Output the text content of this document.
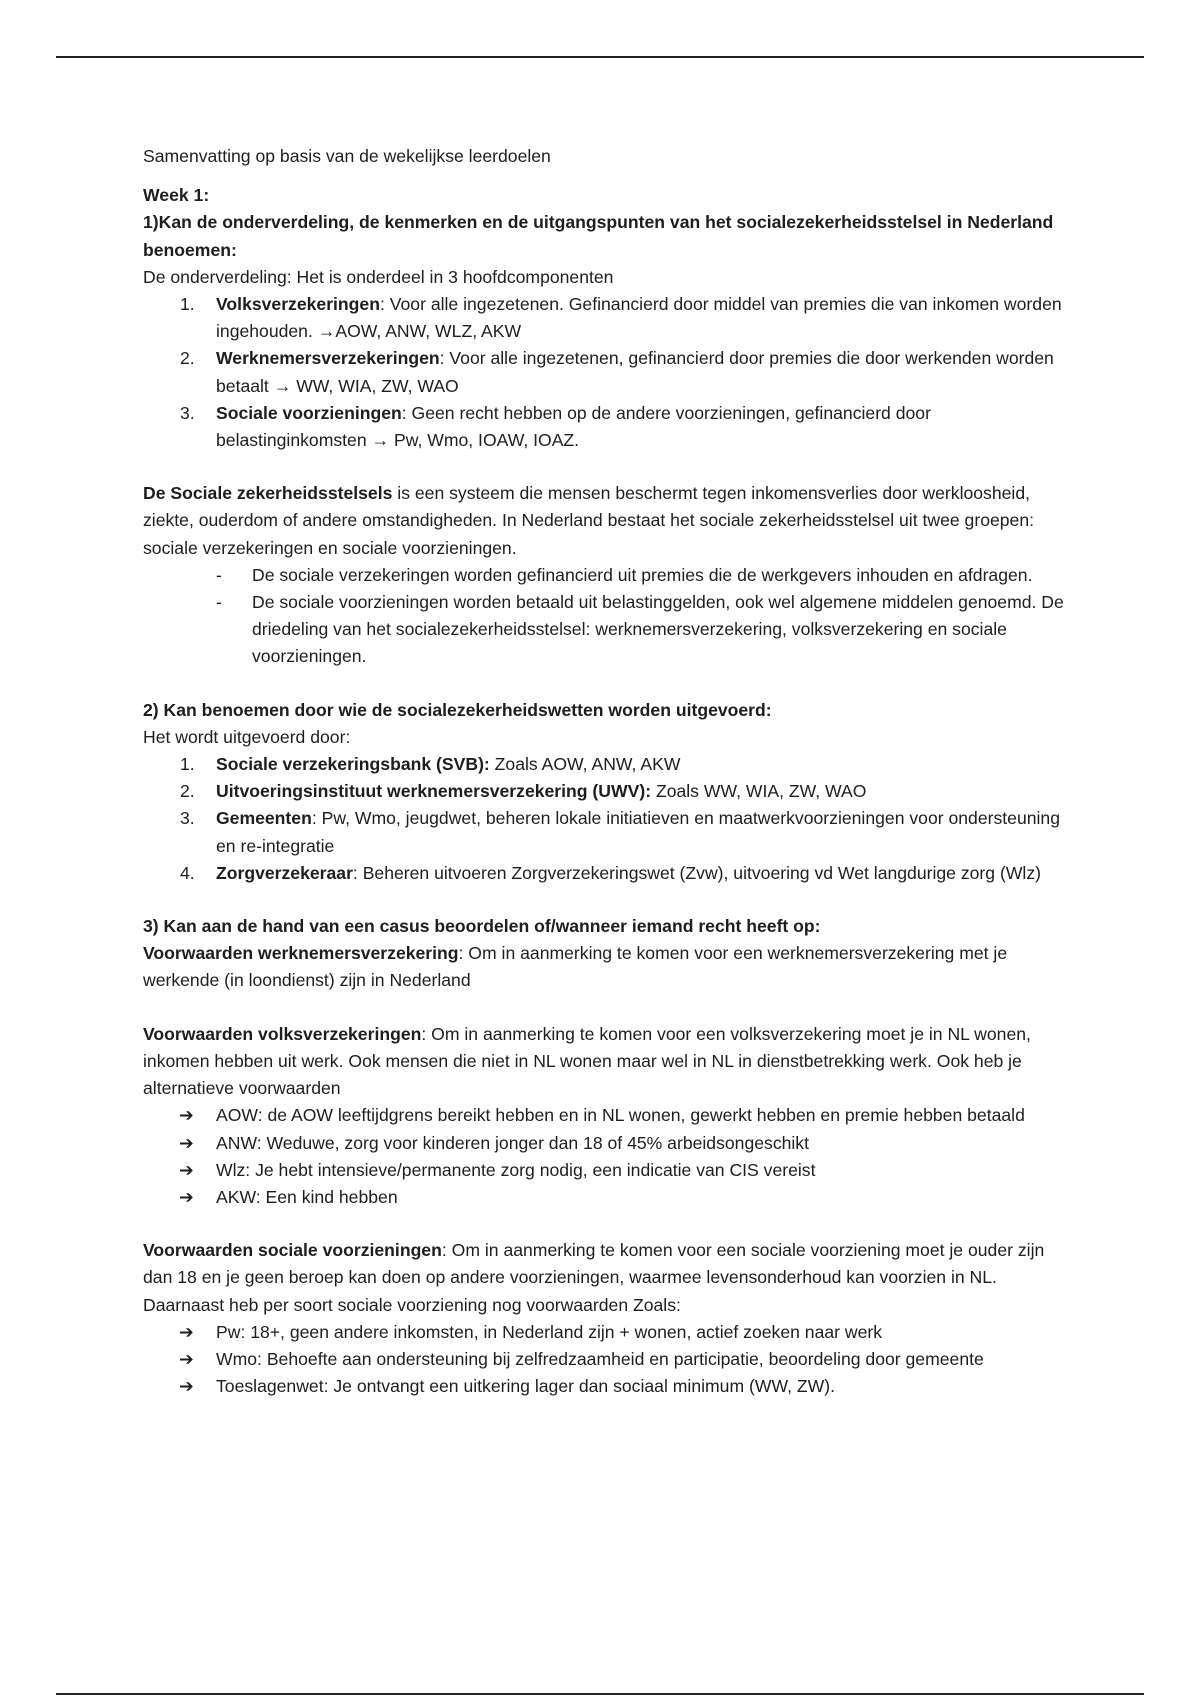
Samenvatting op basis van de wekelijkse leerdoelen

Week 1:

1)Kan de onderverdeling, de kenmerken en de uitgangspunten van het socialezekerheidsstelsel in Nederland benoemen:

De onderverdeling: Het is onderdeel in 3 hoofdcomponenten

1. Volksverzekeringen: Voor alle ingezetenen. Gefinancierd door middel van premies die van inkomen worden ingehouden. →AOW, ANW, WLZ, AKW
2. Werknemersverzekeringen: Voor alle ingezetenen, gefinancierd door premies die door werkenden worden betaalt → WW, WIA, ZW, WAO
3. Sociale voorzieningen: Geen recht hebben op de andere voorzieningen, gefinancierd door belastinginkomsten → Pw, Wmo, IOAW, IOAZ.

De Sociale zekerheidsstelsels is een systeem die mensen beschermt tegen inkomensverlies door werkloosheid, ziekte, ouderdom of andere omstandigheden. In Nederland bestaat het sociale zekerheidsstelsel uit twee groepen: sociale verzekeringen en sociale voorzieningen.

- De sociale verzekeringen worden gefinancierd uit premies die de werkgevers inhouden en afdragen.
- De sociale voorzieningen worden betaald uit belastinggelden, ook wel algemene middelen genoemd. De driedeling van het socialezekerheidsstelsel: werknemersverzekering, volksverzekering en sociale voorzieningen.

2) Kan benoemen door wie de socialezekerheidswetten worden uitgevoerd:

Het wordt uitgevoerd door:

1. Sociale verzekeringsbank (SVB): Zoals AOW, ANW, AKW
2. Uitvoeringsinstituut werknemersverzekering (UWV): Zoals WW, WIA, ZW, WAO
3. Gemeenten: Pw, Wmo, jeugdwet, beheren lokale initiatieven en maatwerkvoorzieningen voor ondersteuning en re-integratie
4. Zorgverzekeraar: Beheren uitvoeren Zorgverzekeringswet (Zvw), uitvoering vd Wet langdurige zorg (Wlz)

3) Kan aan de hand van een casus beoordelen of/wanneer iemand recht heeft op:

Voorwaarden werknemersverzekering: Om in aanmerking te komen voor een werknemersverzekering met je werkende (in loondienst) zijn in Nederland

Voorwaarden volksverzekeringen: Om in aanmerking te komen voor een volksverzekering moet je in NL wonen, inkomen hebben uit werk. Ook mensen die niet in NL wonen maar wel in NL in dienstbetrekking werk. Ook heb je alternatieve voorwaarden

➔ AOW: de AOW leeftijdgrens bereikt hebben en in NL wonen, gewerkt hebben en premie hebben betaald
➔ ANW: Weduwe, zorg voor kinderen jonger dan 18 of 45% arbeidsongeschikt
➔ Wlz: Je hebt intensieve/permanente zorg nodig, een indicatie van CIS vereist
➔ AKW: Een kind hebben

Voorwaarden sociale voorzieningen: Om in aanmerking te komen voor een sociale voorziening moet je ouder zijn dan 18 en je geen beroep kan doen op andere voorzieningen, waarmee levensonderhoud kan voorzien in NL. Daarnaast heb per soort sociale voorziening nog voorwaarden Zoals:

➔ Pw: 18+, geen andere inkomsten, in Nederland zijn + wonen, actief zoeken naar werk
➔ Wmo: Behoefte aan ondersteuning bij zelfredzaamheid en participatie, beoordeling door gemeente
➔ Toeslagenwet: Je ontvangt een uitkering lager dan sociaal minimum (WW, ZW).
